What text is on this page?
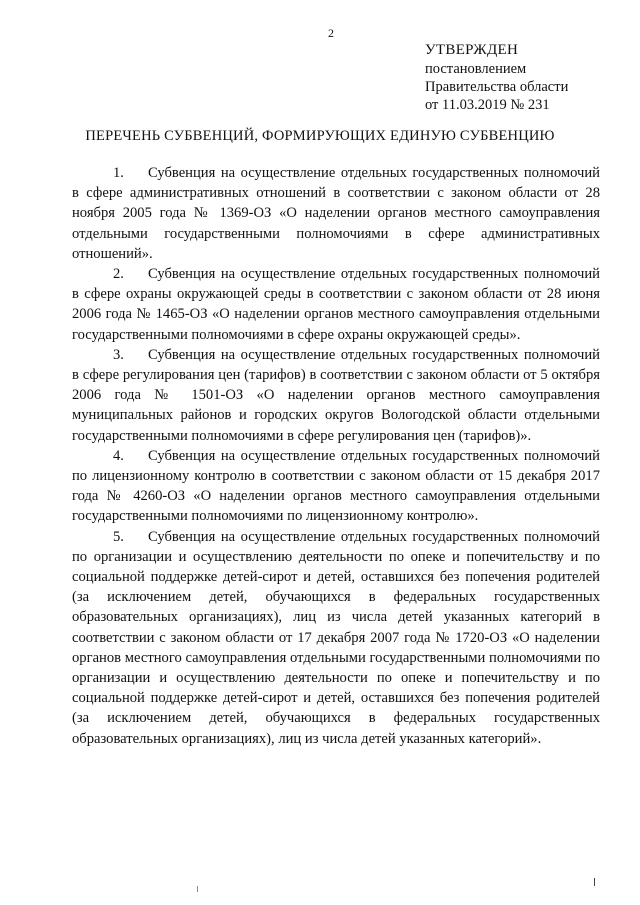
2
УТВЕРЖДЕН
постановлением
Правительства области
от 11.03.2019 № 231
ПЕРЕЧЕНЬ СУБВЕНЦИЙ, ФОРМИРУЮЩИХ ЕДИНУЮ СУБВЕНЦИЮ

1. Субвенция на осуществление отдельных государственных полномочий в сфере административных отношений в соответствии с законом области от 28 ноября 2005 года № 1369-ОЗ «О наделении органов местного самоуправления отдельными государственными полномочиями в сфере административных отношений».

2. Субвенция на осуществление отдельных государственных полномочий в сфере охраны окружающей среды в соответствии с законом области от 28 июня 2006 года № 1465-ОЗ «О наделении органов местного самоуправления отдельными государственными полномочиями в сфере охраны окружающей среды».

3. Субвенция на осуществление отдельных государственных полномочий в сфере регулирования цен (тарифов) в соответствии с законом области от 5 октября 2006 года № 1501-ОЗ «О наделении органов местного самоуправления муниципальных районов и городских округов Вологодской области отдельными государственными полномочиями в сфере регулирования цен (тарифов)».

4. Субвенция на осуществление отдельных государственных полномочий по лицензионному контролю в соответствии с законом области от 15 декабря 2017 года № 4260-ОЗ «О наделении органов местного самоуправления отдельными государственными полномочиями по лицензионному контролю».

5. Субвенция на осуществление отдельных государственных полномочий по организации и осуществлению деятельности по опеке и попечительству и по социальной поддержке детей-сирот и детей, оставшихся без попечения родителей (за исключением детей, обучающихся в федеральных государственных образовательных организациях), лиц из числа детей указанных категорий в соответствии с законом области от 17 декабря 2007 года № 1720-ОЗ «О наделении органов местного самоуправления отдельными государственными полномочиями по организации и осуществлению деятельности по опеке и попечительству и по социальной поддержке детей-сирот и детей, оставшихся без попечения родителей (за исключением детей, обучающихся в федеральных государственных образовательных организациях), лиц из числа детей указанных категорий».
